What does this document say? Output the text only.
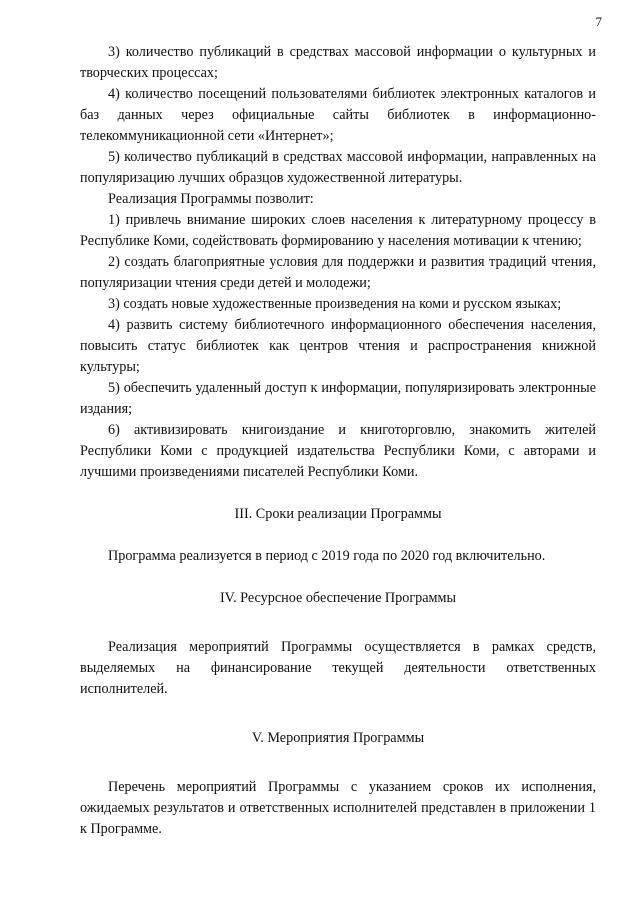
7

3) количество публикаций в средствах массовой информации о культурных и творческих процессах;

4) количество посещений пользователями библиотек электронных каталогов и баз данных через официальные сайты библиотек в информационно-телекоммуникационной сети «Интернет»;

5) количество публикаций в средствах массовой информации, направленных на популяризацию лучших образцов художественной литературы.

Реализация Программы позволит:

1) привлечь внимание широких слоев населения к литературному процессу в Республике Коми, содействовать формированию у населения мотивации к чтению;

2) создать благоприятные условия для поддержки и развития традиций чтения, популяризации чтения среди детей и молодежи;

3) создать новые художественные произведения на коми и русском языках;

4) развить систему библиотечного информационного обеспечения населения, повысить статус библиотек как центров чтения и распространения книжной культуры;

5) обеспечить удаленный доступ к информации, популяризировать электронные издания;

6) активизировать книгоиздание и книготорговлю, знакомить жителей Республики Коми с продукцией издательства Республики Коми, с авторами и лучшими произведениями писателей Республики Коми.

III. Сроки реализации Программы

Программа реализуется в период с 2019 года по 2020 год включительно.

IV. Ресурсное обеспечение Программы

Реализация мероприятий Программы осуществляется в рамках средств, выделяемых на финансирование текущей деятельности ответственных исполнителей.

V. Мероприятия Программы

Перечень мероприятий Программы с указанием сроков их исполнения, ожидаемых результатов и ответственных исполнителей представлен в приложении 1 к Программе.
